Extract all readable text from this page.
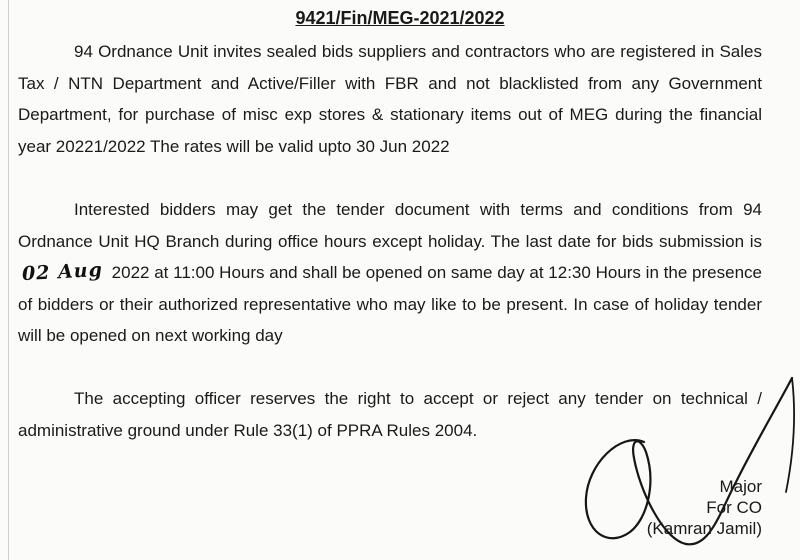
9421/Fin/MEG-2021/2022
94 Ordnance Unit invites sealed bids suppliers and contractors who are registered in Sales Tax / NTN Department and Active/Filler with FBR and not blacklisted from any Government Department, for purchase of misc exp stores & stationary items out of MEG during the financial year 20221/2022 The rates will be valid upto 30 Jun 2022
Interested bidders may get the tender document with terms and conditions from 94 Ordnance Unit HQ Branch during office hours except holiday. The last date for bids submission is 02 Aug 2022 at 11:00 Hours and shall be opened on same day at 12:30 Hours in the presence of bidders or their authorized representative who may like to be present. In case of holiday tender will be opened on next working day
The accepting officer reserves the right to accept or reject any tender on technical / administrative ground under Rule 33(1) of PPRA Rules 2004.
Major
For CO
(Kamran Jamil)
